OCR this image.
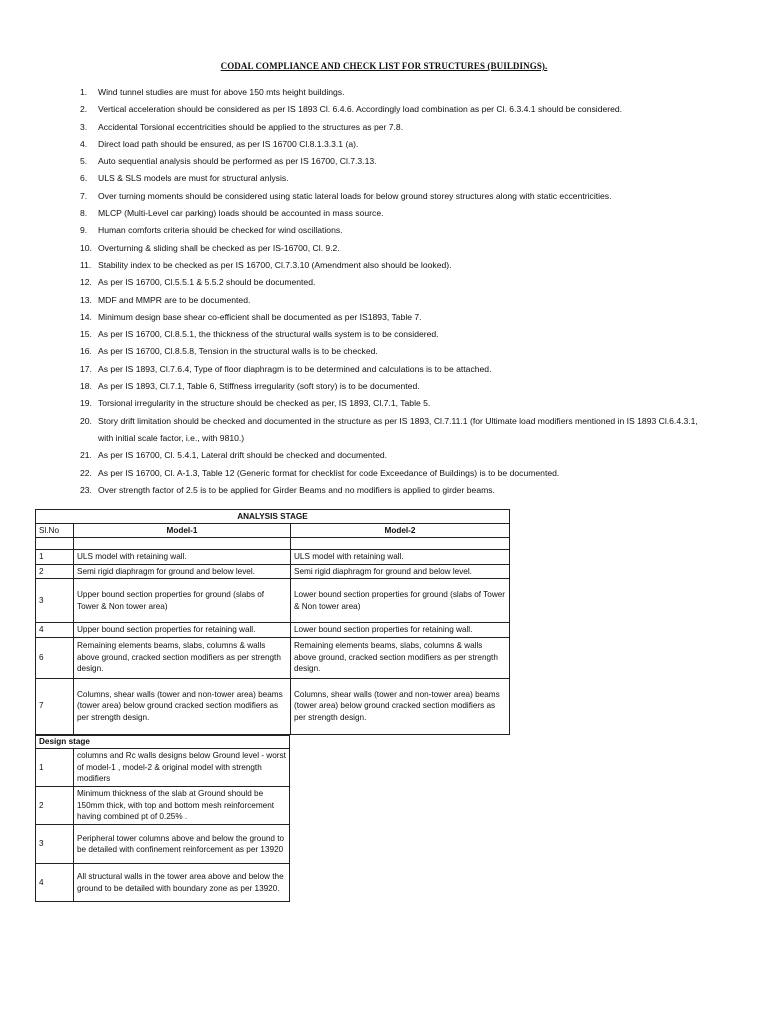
CODAL COMPLIANCE AND CHECK LIST FOR STRUCTURES (BUILDINGS).
1.	Wind tunnel studies are must for above 150 mts height buildings.
2.	Vertical acceleration should be considered as per IS 1893 Cl. 6.4.6. Accordingly load combination as per Cl. 6.3.4.1 should be considered.
3.	Accidental Torsional eccentricities should be applied to the structures as per 7.8.
4.	Direct load path should be ensured, as per IS 16700 Cl.8.1.3.3.1 (a).
5.	Auto sequential analysis should be performed as per IS 16700, Cl.7.3.13.
6.	ULS & SLS models are must for structural anlysis.
7.	Over turning moments should be considered using static lateral loads for below ground storey structures along with static eccentricities.
8.	MLCP (Multi-Level car parking) loads should be accounted in mass source.
9.	Human comforts criteria should be checked for wind oscillations.
10. Overturning & sliding shall be checked as per IS-16700, Cl. 9.2.
11. Stability index to be checked as per IS 16700, Cl.7.3.10 (Amendment also should be looked).
12. As per IS 16700, Cl.5.5.1 & 5.5.2 should be documented.
13. MDF and MMPR are to be documented.
14. Minimum design base shear co-efficient shall be documented as per IS1893, Table 7.
15. As per IS 16700, Cl.8.5.1, the thickness of the structural walls system is to be considered.
16. As per IS 16700, Cl.8.5.8, Tension in the structural walls is to be checked.
17. As per IS 1893, Cl.7.6.4, Type of floor diaphragm is to be determined and calculations is to be attached.
18. As per IS 1893, Cl.7.1, Table 6, Stiffness irregularity (soft story) is to be documented.
19. Torsional irregularity in the structure should be checked as per, IS 1893, Cl.7.1, Table 5.
20. Story drift limitation should be checked and documented in the structure as per IS 1893, Cl.7.11.1 (for Ultimate load modifiers mentioned in IS 1893 Cl.6.4.3.1, with initial scale factor, i.e., with 9810.)
21. As per IS 16700, Cl. 5.4.1, Lateral drift should be checked and documented.
22. As per IS 16700, Cl. A-1.3, Table 12 (Generic format for checklist for code Exceedance of Buildings) is to be documented.
23. Over strength factor of 2.5 is to be applied for Girder Beams and no modifiers is applied to girder beams.
ANALYSIS STAGE		
Sl.No	Model-1	Model-2

1	ULS model with retaining wall.	ULS model with retaining wall.
2	Semi rigid diaphragm for ground and below level.	Semi rigid diaphragm for ground and below level.
3	Upper bound section properties for ground (slabs of Tower & Non tower area)	Lower bound section properties for ground (slabs of Tower & Non tower area)
4	Upper bound section properties for retaining wall.	Lower bound section properties for retaining wall.
6	Remaining elements beams, slabs, columns & walls above ground, cracked section modifiers as per strength design.	Remaining elements beams, slabs, columns & walls above ground, cracked section modifiers as per strength design.
7	Columns, shear walls (tower and non-tower area) beams (tower area) below ground cracked section modifiers as per strength design.	Columns, shear walls (tower and non-tower area) beams (tower area) below ground cracked section modifiers as per strength design.
Design stage	
1	columns and Rc walls designs below Ground level - worst of model-1 , model-2 & original model with strength modifiers
2	Minimum thickness of the slab at Ground should be 150mm thick, with top and bottom mesh reinforcement having combined pt of 0.25% .
3	Peripheral tower columns above and below the ground to be detailed with confinement reinforcement as per 13920
4	All structural walls in the tower area above and below the ground to be detailed with boundary zone as per 13920.
